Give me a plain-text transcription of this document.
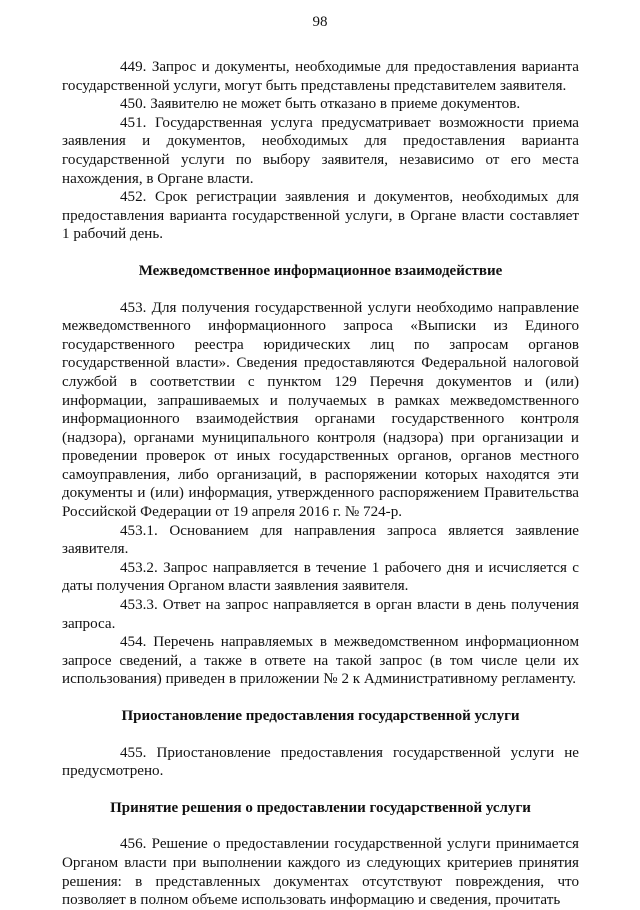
98

449. Запрос и документы, необходимые для предоставления варианта государственной услуги, могут быть представлены представителем заявителя.

450. Заявителю не может быть отказано в приеме документов.

451. Государственная услуга предусматривает возможности приема заявления и документов, необходимых для предоставления варианта государственной услуги по выбору заявителя, независимо от его места нахождения, в Органе власти.

452. Срок регистрации заявления и документов, необходимых для предоставления варианта государственной услуги, в Органе власти составляет 1 рабочий день.

Межведомственное информационное взаимодействие

453. Для получения государственной услуги необходимо направление межведомственного информационного запроса «Выписки из Единого государственного реестра юридических лиц по запросам органов государственной власти». Сведения предоставляются Федеральной налоговой службой в соответствии с пунктом 129 Перечня документов и (или) информации, запрашиваемых и получаемых в рамках межведомственного информационного взаимодействия органами государственного контроля (надзора), органами муниципального контроля (надзора) при организации и проведении проверок от иных государственных органов, органов местного самоуправления, либо организаций, в распоряжении которых находятся эти документы и (или) информация, утвержденного распоряжением Правительства Российской Федерации от 19 апреля 2016 г. № 724-р.

453.1. Основанием для направления запроса является заявление заявителя.

453.2. Запрос направляется в течение 1 рабочего дня и исчисляется с даты получения Органом власти заявления заявителя.

453.3. Ответ на запрос направляется в орган власти в день получения запроса.

454. Перечень направляемых в межведомственном информационном запросе сведений, а также в ответе на такой запрос (в том числе цели их использования) приведен в приложении № 2 к Административному регламенту.

Приостановление предоставления государственной услуги

455. Приостановление предоставления государственной услуги не предусмотрено.

Принятие решения о предоставлении государственной услуги

456. Решение о предоставлении государственной услуги принимается Органом власти при выполнении каждого из следующих критериев принятия решения: в представленных документах отсутствуют повреждения, что позволяет в полном объеме использовать информацию и сведения, прочитать
